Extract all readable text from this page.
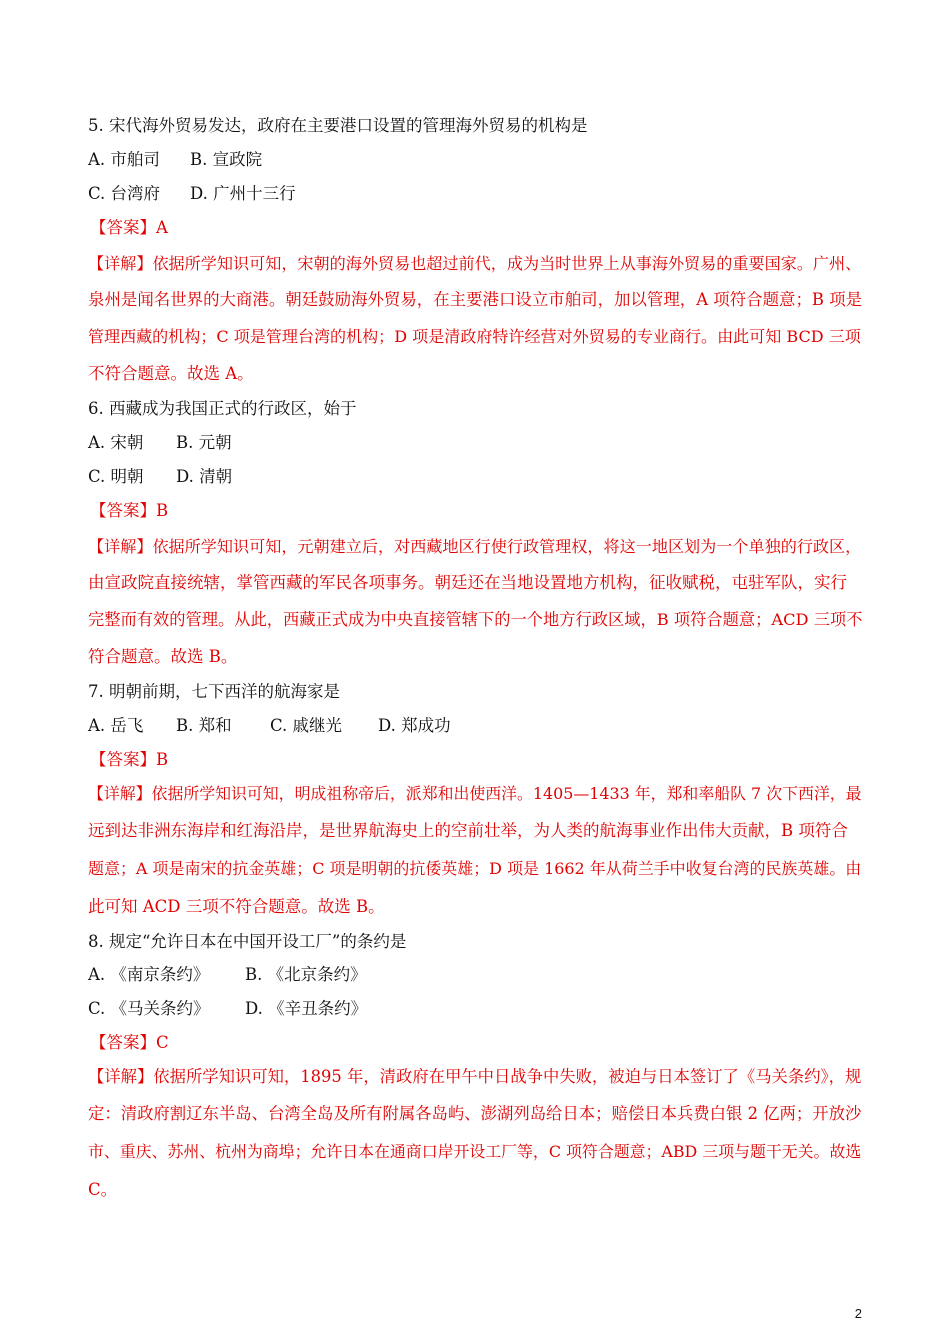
5. 宋代海外贸易发达，政府在主要港口设置的管理海外贸易的机构是
A. 市舶司 B. 宣政院
C. 台湾府 D. 广州十三行
【答案】A
【详解】依据所学知识可知，宋朝的海外贸易也超过前代，成为当时世界上从事海外贸易的重要国家。广州、
泉州是闻名世界的大商港。朝廷鼓励海外贸易，在主要港口设立市舶司，加以管理，A 项符合题意；B 项是
管理西藏的机构；C 项是管理台湾的机构；D 项是清政府特许经营对外贸易的专业商行。由此可知 BCD 三项
不符合题意。故选 A。
6. 西藏成为我国正式的行政区，始于
A. 宋朝 B. 元朝
C. 明朝 D. 清朝
【答案】B
【详解】依据所学知识可知，元朝建立后，对西藏地区行使行政管理权，将这一地区划为一个单独的行政区，
由宣政院直接统辖，掌管西藏的军民各项事务。朝廷还在当地设置地方机构，征收赋税，屯驻军队，实行
完整而有效的管理。从此，西藏正式成为中央直接管辖下的一个地方行政区域，B 项符合题意；ACD 三项不
符合题意。故选 B。
7. 明朝前期，七下西洋的航海家是
A. 岳飞 B. 郑和 C. 戚继光 D. 郑成功
【答案】B
【详解】依据所学知识可知，明成祖称帝后，派郑和出使西洋。1405—1433 年，郑和率船队 7 次下西洋，最
远到达非洲东海岸和红海沿岸，是世界航海史上的空前壮举，为人类的航海事业作出伟大贡献，B 项符合
题意；A 项是南宋的抗金英雄；C 项是明朝的抗倭英雄；D 项是 1662 年从荷兰手中收复台湾的民族英雄。由
此可知 ACD 三项不符合题意。故选 B。
8. 规定“允许日本在中国开设工厂”的条约是
A. 《南京条约》 B. 《北京条约》
C. 《马关条约》 D. 《辛丑条约》
【答案】C
【详解】依据所学知识可知，1895 年，清政府在甲午中日战争中失败，被迫与日本签订了《马关条约》，规
定：清政府割辽东半岛、台湾全岛及所有附属各岛屿、澎湖列岛给日本；赔偿日本兵费白银 2 亿两；开放沙
市、重庆、苏州、杭州为商埠；允许日本在通商口岸开设工厂等，C 项符合题意；ABD 三项与题干无关。故选
C。
2
